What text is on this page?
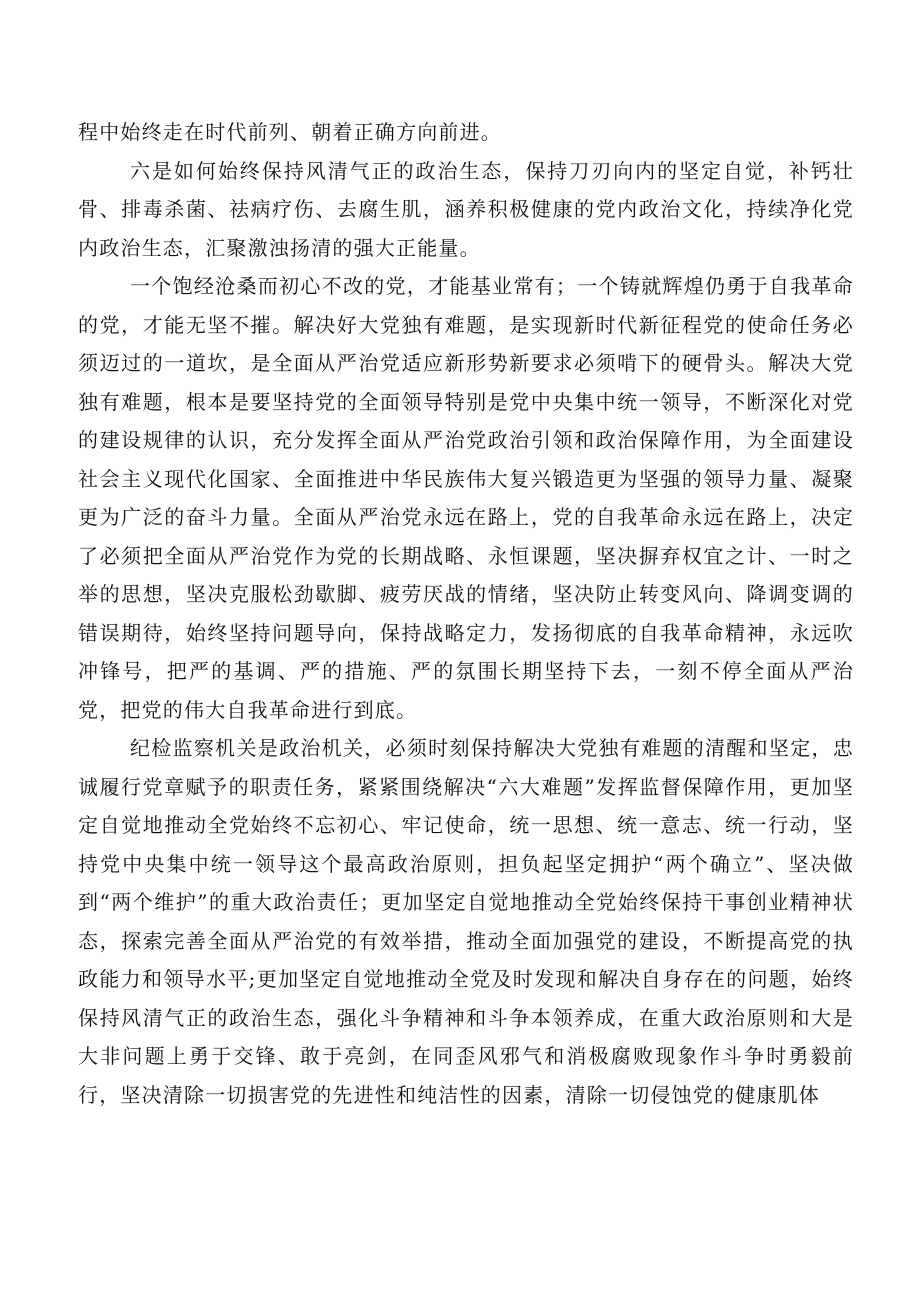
程中始终走在时代前列、朝着正确方向前进。

六是如何始终保持风清气正的政治生态，保持刀刃向内的坚定自觉，补钙壮骨、排毒杀菌、祛病疗伤、去腐生肌，涵养积极健康的党内政治文化，持续净化党内政治生态，汇聚激浊扬清的强大正能量。

一个饱经沧桑而初心不改的党，才能基业常有；一个铸就辉煌仍勇于自我革命的党，才能无坚不摧。解决好大党独有难题，是实现新时代新征程党的使命任务必须迈过的一道坎，是全面从严治党适应新形势新要求必须啃下的硬骨头。解决大党独有难题，根本是要坚持党的全面领导特别是党中央集中统一领导，不断深化对党的建设规律的认识，充分发挥全面从严治党政治引领和政治保障作用，为全面建设社会主义现代化国家、全面推进中华民族伟大复兴锻造更为坚强的领导力量、凝聚更为广泛的奋斗力量。全面从严治党永远在路上，党的自我革命永远在路上，决定了必须把全面从严治党作为党的长期战略、永恒课题，坚决摒弃权宜之计、一时之举的思想，坚决克服松劲歇脚、疲劳厌战的情绪，坚决防止转变风向、降调变调的错误期待，始终坚持问题导向，保持战略定力，发扬彻底的自我革命精神，永远吹冲锋号，把严的基调、严的措施、严的氛围长期坚持下去，一刻不停全面从严治党，把党的伟大自我革命进行到底。

纪检监察机关是政治机关，必须时刻保持解决大党独有难题的清醒和坚定，忠诚履行党章赋予的职责任务，紧紧围绕解决“六大难题”发挥监督保障作用，更加坚定自觉地推动全党始终不忘初心、牢记使命，统一思想、统一意志、统一行动，坚持党中央集中统一领导这个最高政治原则，担负起坚定拥护“两个确立”、坚决做到“两个维护”的重大政治责任；更加坚定自觉地推动全党始终保持干事创业精神状态，探索完善全面从严治党的有效举措，推动全面加强党的建设，不断提高党的执政能力和领导水平;更加坚定自觉地推动全党及时发现和解决自身存在的问题，始终保持风清气正的政治生态，强化斗争精神和斗争本领养成，在重大政治原则和大是大非问题上勇于交锋、敢于亮剑，在同歪风邪气和消极腐败现象作斗争时勇毅前行，坚决清除一切损害党的先进性和纯洁性的因素，清除一切侵蚀党的健康肌体
